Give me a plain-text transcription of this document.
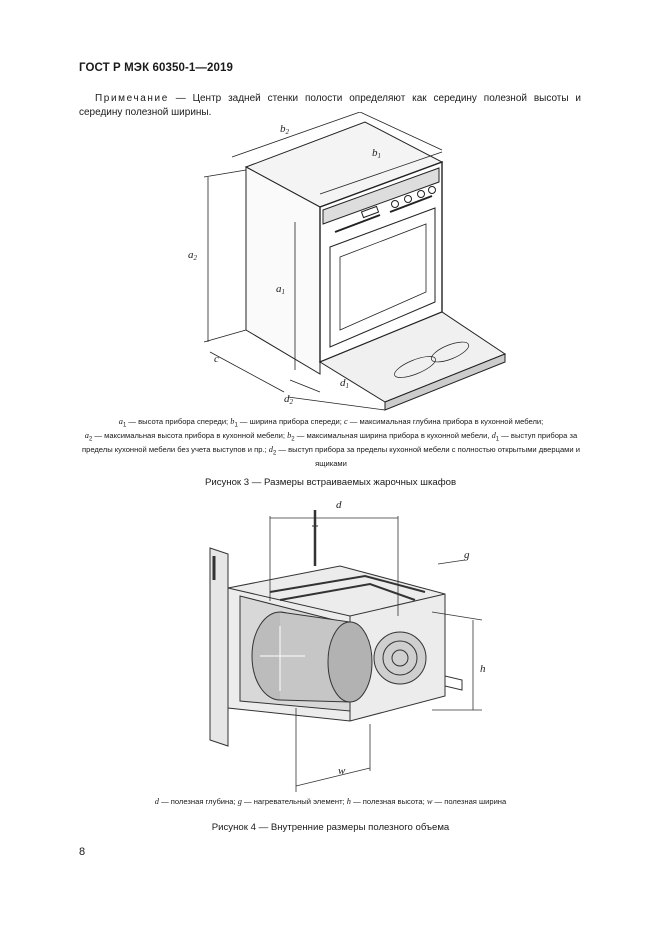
ГОСТ Р МЭК 60350-1—2019
Примечание — Центр задней стенки полости определяют как середину полезной высоты и середину полезной ширины.
b2
b1
a2
a1
c
d1
d2
$a_1$ — высота прибора спереди; $b_1$ — ширина прибора спереди; c — максимальная глубина прибора в кухонной мебели;
$a_2$ — максимальная высота прибора в кухонной мебели; $b_2$ — максимальная ширина прибора в кухонной мебели, $d_1$ — выступ прибора за пределы кухонной мебели без учета выступов и пр.; $d_2$ — выступ прибора за пределы кухонной мебели с полностью открытыми дверцами и ящиками
Рисунок 3 — Размеры встраиваемых жарочных шкафов
d
g
h
w
d — полезная глубина; g — нагревательный элемент; h — полезная высота; w — полезная ширина
Рисунок 4 — Внутренние размеры полезного объема
8
